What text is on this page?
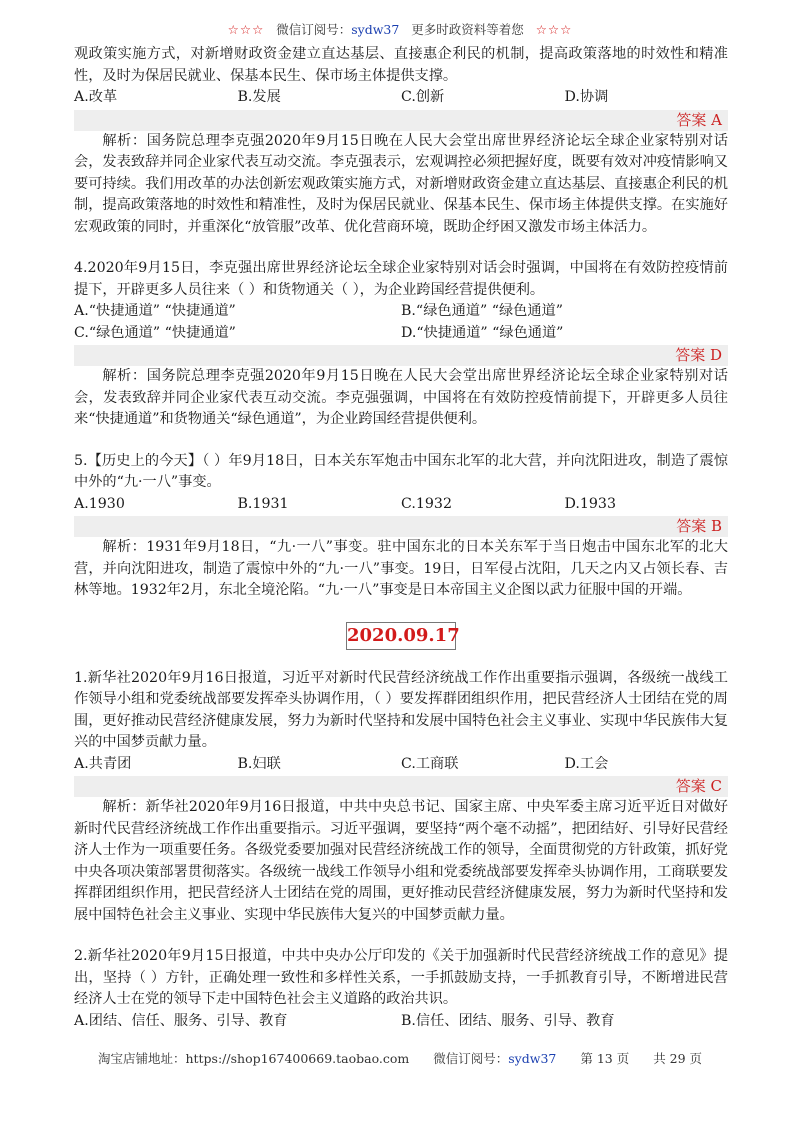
☆☆☆ 微信订阅号：sydw37 更多时政资料等着您 ☆☆☆

观政策实施方式，对新增财政资金建立直达基层、直接惠企利民的机制，提高政策落地的时效性和精准性，及时为保居民就业、保基本民生、保市场主体提供支撑。

A.改革	B.发展	C.创新	D.协调
答案 A

解析：国务院总理李克强2020年9月15日晚在人民大会堂出席世界经济论坛全球企业家特别对话会，发表致辞并同企业家代表互动交流。李克强表示，宏观调控必须把握好度，既要有效对冲疫情影响又要可持续。我们用改革的办法创新宏观政策实施方式，对新增财政资金建立直达基层、直接惠企利民的机制，提高政策落地的时效性和精准性，及时为保居民就业、保基本民生、保市场主体提供支撑。在实施好宏观政策的同时，并重深化“放管服”改革、优化营商环境，既助企纾困又激发市场主体活力。

4.2020年9月15日，李克强出席世界经济论坛全球企业家特别对话会时强调，中国将在有效防控疫情前提下，开辟更多人员往来（ ）和货物通关（ ），为企业跨国经营提供便利。

A.“快捷通道” “快捷通道”	B.“绿色通道” “绿色通道”
C.“绿色通道” “快捷通道”	D.“快捷通道” “绿色通道”
答案 D

解析：国务院总理李克强2020年9月15日晚在人民大会堂出席世界经济论坛全球企业家特别对话会，发表致辞并同企业家代表互动交流。李克强强调，中国将在有效防控疫情前提下，开辟更多人员往来“快捷通道”和货物通关“绿色通道”，为企业跨国经营提供便利。

5.【历史上的今天】（ ）年9月18日，日本关东军炮击中国东北军的北大营，并向沈阳进攻，制造了震惊中外的“九·一八”事变。

A.1930	B.1931	C.1932	D.1933
答案 B

解析：1931年9月18日，“九·一八”事变。驻中国东北的日本关东军于当日炮击中国东北军的北大营，并向沈阳进攻，制造了震惊中外的“九·一八”事变。19日，日军侵占沈阳，几天之内又占领长春、吉林等地。1932年2月，东北全境沦陷。“九·一八”事变是日本帝国主义企图以武力征服中国的开端。

2020.09.17

1.新华社2020年9月16日报道，习近平对新时代民营经济统战工作作出重要指示强调，各级统一战线工作领导小组和党委统战部要发挥牵头协调作用，（ ）要发挥群团组织作用，把民营经济人士团结在党的周围，更好推动民营经济健康发展，努力为新时代坚持和发展中国特色社会主义事业、实现中华民族伟大复兴的中国梦贡献力量。

A.共青团	B.妇联	C.工商联	D.工会
答案 C

解析：新华社2020年9月16日报道，中共中央总书记、国家主席、中央军委主席习近平近日对做好新时代民营经济统战工作作出重要指示。习近平强调，要坚持“两个毫不动摇”，把团结好、引导好民营经济人士作为一项重要任务。各级党委要加强对民营经济统战工作的领导，全面贯彻党的方针政策，抓好党中央各项决策部署贯彻落实。各级统一战线工作领导小组和党委统战部要发挥牵头协调作用，工商联要发挥群团组织作用，把民营经济人士团结在党的周围，更好推动民营经济健康发展，努力为新时代坚持和发展中国特色社会主义事业、实现中华民族伟大复兴的中国梦贡献力量。

2.新华社2020年9月15日报道，中共中央办公厅印发的《关于加强新时代民营经济统战工作的意见》提出，坚持（ ）方针，正确处理一致性和多样性关系，一手抓鼓励支持，一手抓教育引导，不断增进民营经济人士在党的领导下走中国特色社会主义道路的政治共识。

A.团结、信任、服务、引导、教育	B.信任、团结、服务、引导、教育
淘宝店铺地址：https://shop167400669.taobao.com 微信订阅号：sydw37 第 13 页 共 29 页
